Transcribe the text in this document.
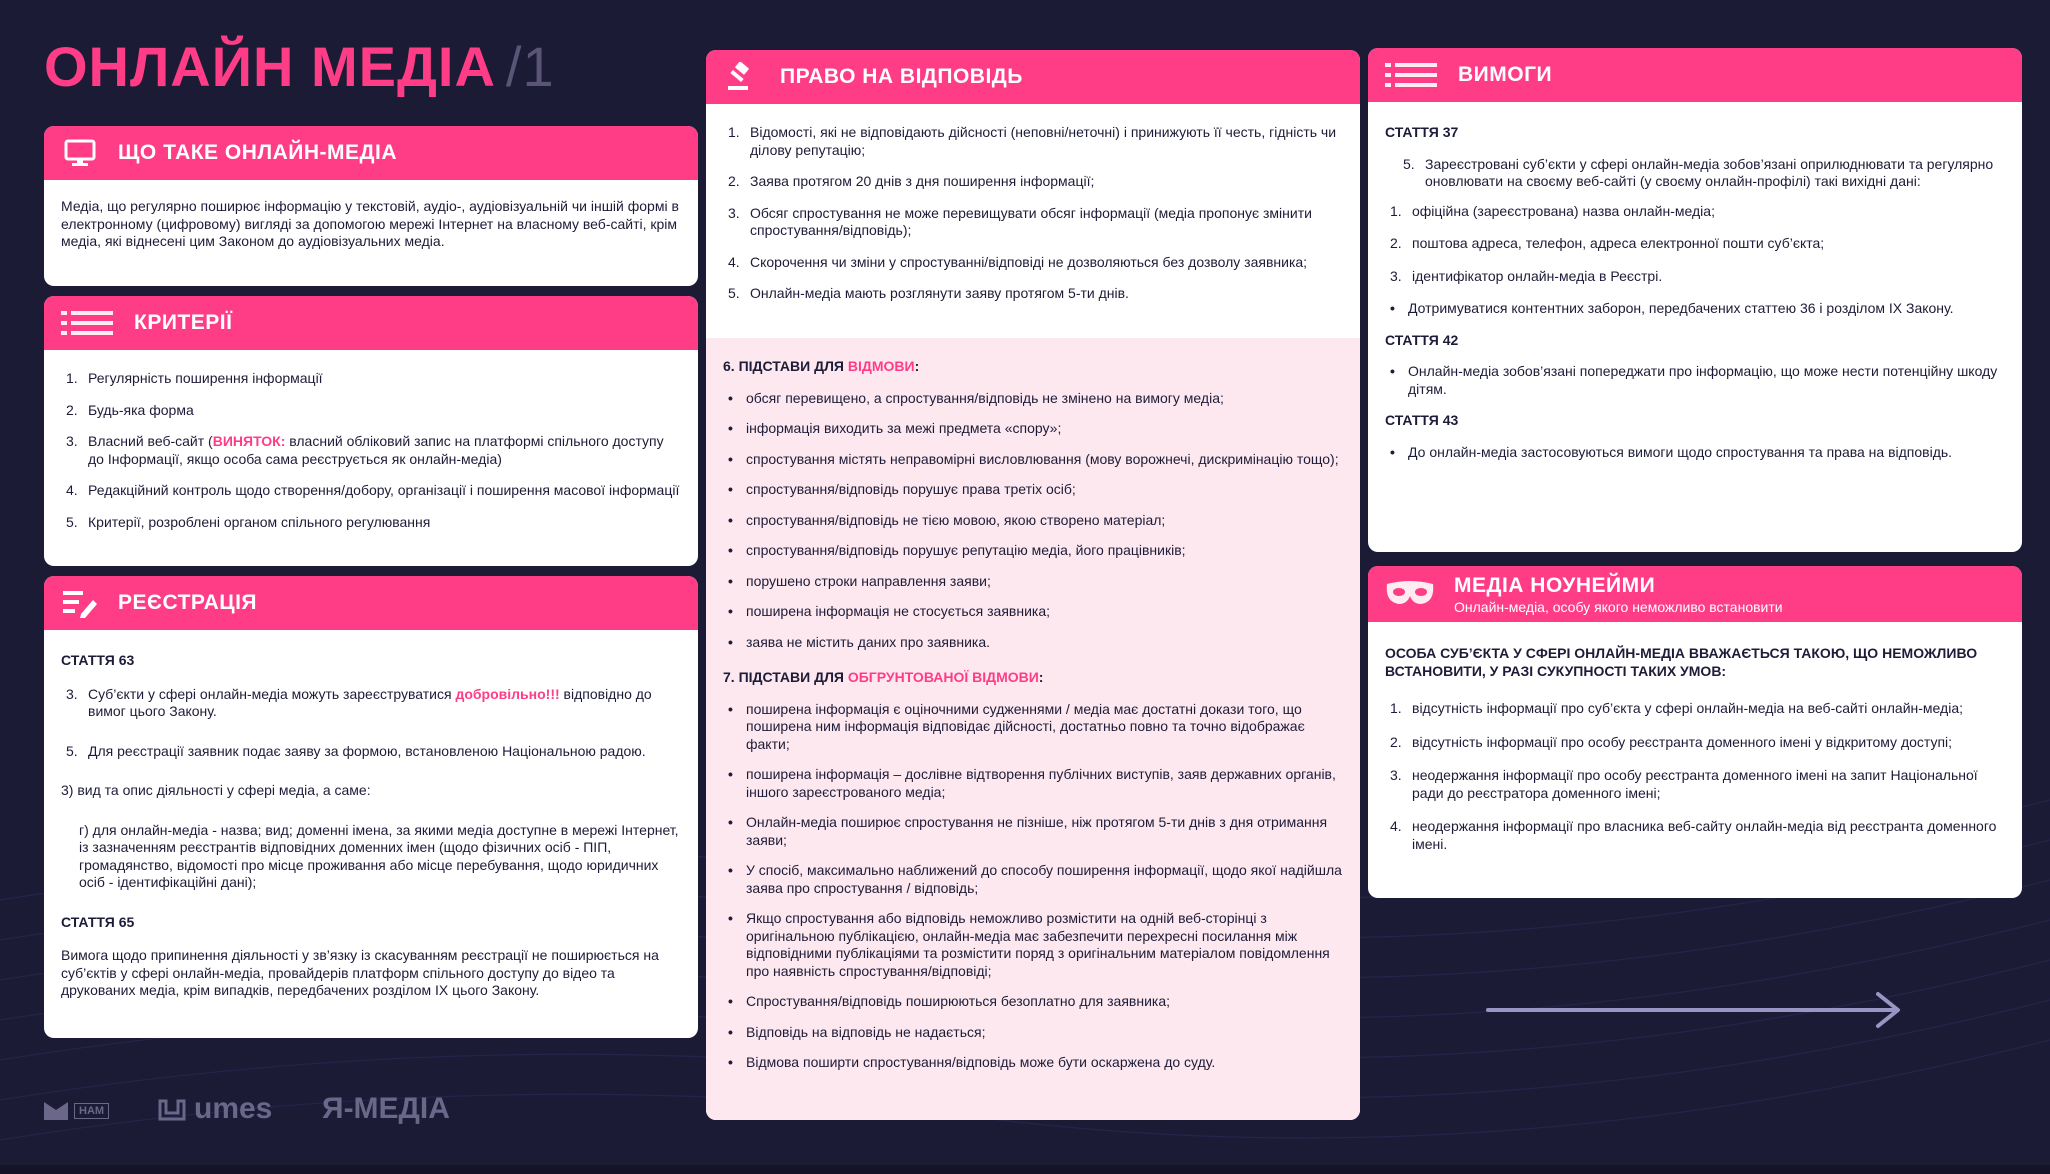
ОНЛАЙН МЕДІА /1
ЩО ТАКЕ ОНЛАЙН-МЕДІА
Медіа, що регулярно поширює інформацію у текстовій, аудіо-, аудіовізуальній чи іншій формі в електронному (цифровому) вигляді за допомогою мережі Інтернет на власному веб-сайті, крім медіа, які віднесені цим Законом до аудіовізуальних медіа.
КРИТЕРІЇ
1. Регулярність поширення інформації
2. Будь-яка форма
3. Власний веб-сайт (ВИНЯТОК: власний обліковий запис на платформі спільного доступу до Інформації, якщо особа сама реєструється як онлайн-медіа)
4. Редакційний контроль щодо створення/добору, організації і поширення масової інформації
5. Критерії, розроблені органом спільного регулювання
РЕЄСТРАЦІЯ
СТАТТЯ 63
3. Суб’єкти у сфері онлайн-медіа можуть зареєструватися добровільно!!! відповідно до вимог цього Закону.
5. Для реєстрації заявник подає заяву за формою, встановленою Національною радою.
3) вид та опис діяльності у сфері медіа, а саме:
г) для онлайн-медіа - назва; вид; доменні імена, за якими медіа доступне в мережі Інтернет, із зазначенням реєстрантів відповідних доменних імен (щодо фізичних осіб - ПІП, громадянство, відомості про місце проживання або місце перебування, щодо юридичних осіб - ідентифікаційні дані);
СТАТТЯ 65
Вимога щодо припинення діяльності у зв’язку із скасуванням реєстрації не поширюється на суб’єктів у сфері онлайн-медіа, провайдерів платформ спільного доступу до відео та друкованих медіа, крім випадків, передбачених розділом IX цього Закону.
ПРАВО НА ВІДПОВІДЬ
1. Відомості, які не відповідають дійсності (неповні/неточні) і принижують її честь, гідність чи ділову репутацію;
2. Заява протягом 20 днів з дня поширення інформації;
3. Обсяг спростування не може перевищувати обсяг інформації (медіа пропонує змінити спростування/відповідь);
4. Скорочення чи зміни у спростуванні/відповіді не дозволяються без дозволу заявника;
5. Онлайн-медіа мають розглянути заяву протягом 5-ти днів.
6. ПІДСТАВИ ДЛЯ ВІДМОВИ:
• обсяг перевищено, а спростування/відповідь не змінено на вимогу медіа;
• інформація виходить за межі предмета «спору»;
• спростування містять неправомірні висловлювання (мову ворожнечі, дискримінацію тощо);
• спростування/відповідь порушує права третіх осіб;
• спростування/відповідь не тією мовою, якою створено матеріал;
• спростування/відповідь порушує репутацію медіа, його працівників;
• порушено строки направлення заяви;
• поширена інформація не стосується заявника;
• заява не містить даних про заявника.
7. ПІДСТАВИ ДЛЯ ОБГРУНТОВАНОЇ ВІДМОВИ:
• поширена інформація є оціночними судженнями / медіа має достатні докази того, що поширена ним інформація відповідає дійсності, достатньо повно та точно відображає факти;
• поширена інформація – дослівне відтворення публічних виступів, заяв державних органів, іншого зареєстрованого медіа;
• Онлайн-медіа поширює спростування не пізніше, ніж протягом 5-ти днів з дня отримання заяви;
• У спосіб, максимально наближений до способу поширення інформації, щодо якої надійшла заява про спростування / відповідь;
• Якщо спростування або відповідь неможливо розмістити на одній веб-сторінці з оригінальною публікацією, онлайн-медіа має забезпечити перехресні посилання між відповідними публікаціями та розмістити поряд з оригінальним матеріалом повідомлення про наявність спростування/відповіді;
• Спростування/відповідь поширюються безоплатно для заявника;
• Відповідь на відповідь не надається;
• Відмова поширти спростування/відповідь може бути оскаржена до суду.
ВИМОГИ
СТАТТЯ 37
5. Зареєстровані суб’єкти у сфері онлайн-медіа зобов’язані оприлюднювати та регулярно оновлювати на своєму веб-сайті (у своєму онлайн-профілі) такі вихідні дані:
1. офіційна (зареєстрована) назва онлайн-медіа;
2. поштова адреса, телефон, адреса електронної пошти суб’єкта;
3. ідентифікатор онлайн-медіа в Реєстрі.
• Дотримуватися контентних заборон, передбачених статтею 36 і розділом IX Закону.
СТАТТЯ 42
• Онлайн-медіа зобов’язані попереджати про інформацію, що може нести потенційну шкоду дітям.
СТАТТЯ 43
• До онлайн-медіа застосовуються вимоги щодо спростування та права на відповідь.
МЕДІА НОУНЕЙМИ
Онлайн-медіа, особу якого неможливо встановити
ОСОБА СУБ’ЄКТА У СФЕРІ ОНЛАЙН-МЕДІА ВВАЖАЄТЬСЯ ТАКОЮ, ЩО НЕМОЖЛИВО ВСТАНОВИТИ, У РАЗІ СУКУПНОСТІ ТАКИХ УМОВ:
1. відсутність інформації про суб’єкта у сфері онлайн-медіа на веб-сайті онлайн-медіа;
2. відсутність інформації про особу реєстранта доменного імені у відкритому доступі;
3. неодержання інформації про особу реєстранта доменного імені на запит Національної ради до реєстратора доменного імені;
4. неодержання інформації про власника веб-сайту онлайн-медіа від реєстранта доменного імені.
НАМ	umes Я-МЕДІА
